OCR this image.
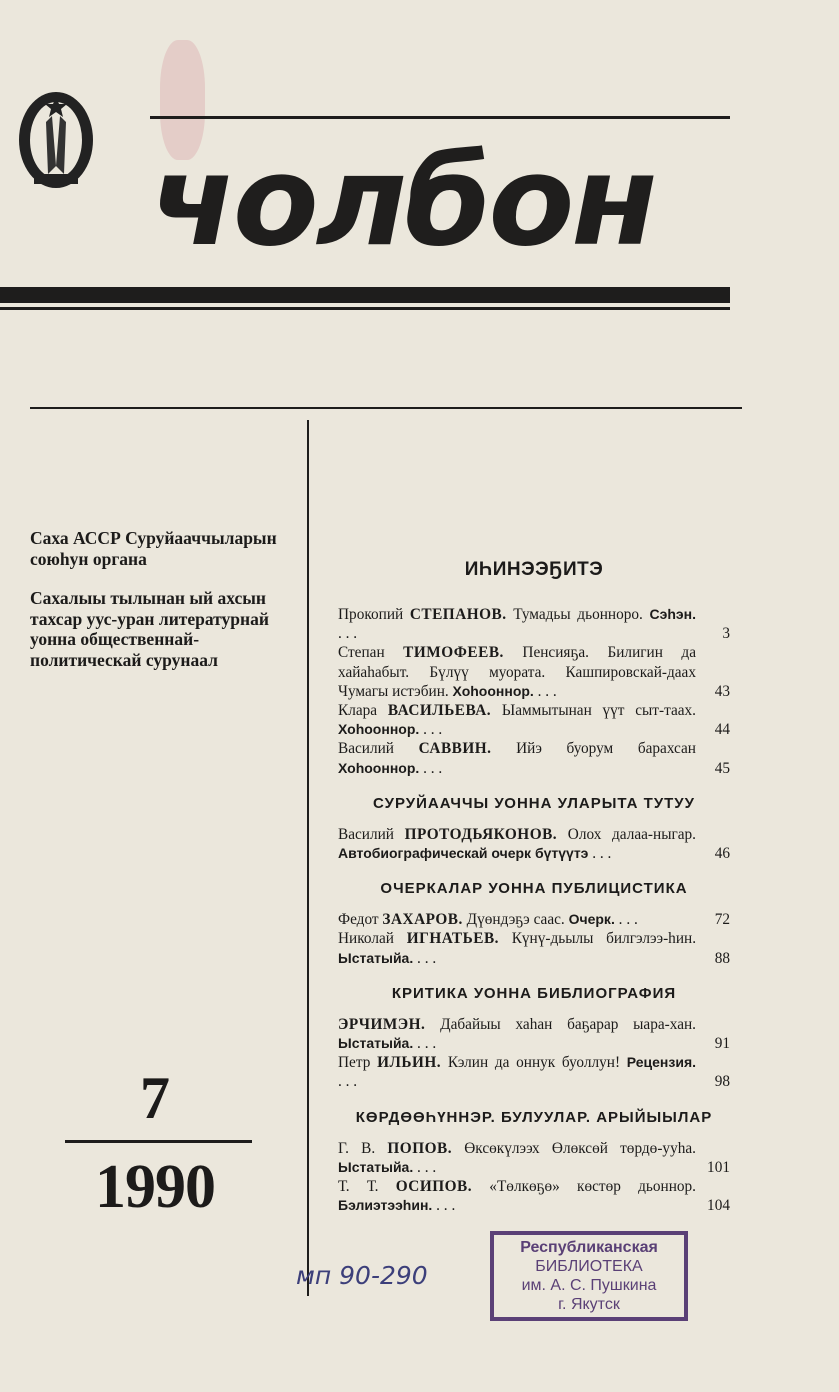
чолбон

Саха АССР Суруйааччыларын союһун органа

Сахалыы тылынан ый ахсын тахсар уус-уран литературнай уонна общественнай-политическай сурунаал

7
1990
ИҺИНЭЭҔИТЭ
Прокопий СТЕПАНОВ. Тумадьы дьонноро. Сэһэн. . . .	3
Степан ТИМОФЕЕВ. Пенсияҕа. Билигин да хайаһабыт. Бүлүү муората. Кашпировскай-даах Чумагы истэбин. Хоһооннор. . . .	43
Клара ВАСИЛЬЕВА. Ыаммытынан үүт сыт-таах. Хоһооннор. . . .	44
Василий САВВИН. Ийэ буорум барахсан Хоһооннор. . . .	45
СУРУЙААЧЧЫ УОННА УЛАРЫТА ТУТУУ
Василий ПРОТОДЬЯКОНОВ. Олох далаа-ныгар. Автобиографическай очерк бүтүүтэ . . .	46
ОЧЕРКАЛАР УОННА ПУБЛИЦИСТИКА
Федот ЗАХАРОВ. Дүөндэҕэ саас. Очерк. . . .	72
Николай ИГНАТЬЕВ. Күнү-дьылы билгэлээ-һин. Ыстатыйа. . . .	88
КРИТИКА УОННА БИБЛИОГРАФИЯ
ЭРЧИМЭН. Дабайыы хаһан баҕарар ыара-хан. Ыстатыйа. . . .	91
Петр ИЛЬИН. Кэлин да оннук буоллун! Рецензия. . . .	98
КӨРДӨӨҺҮННЭР. БУЛУУЛАР. АРЫЙЫЫЛАР
Г. В. ПОПОВ. Өксөкүлээх Өлөксөй төрдө-ууһа. Ыстатыйа. . . .	101
Т. Т. ОСИПОВ. «Төлкөҕө» көстөр дьоннор. Бэлиэтээһин. . . .	104
мп 90-290
Республиканская
БИБЛИОТЕКА
им. А. С. Пушкина
г. Якутск
